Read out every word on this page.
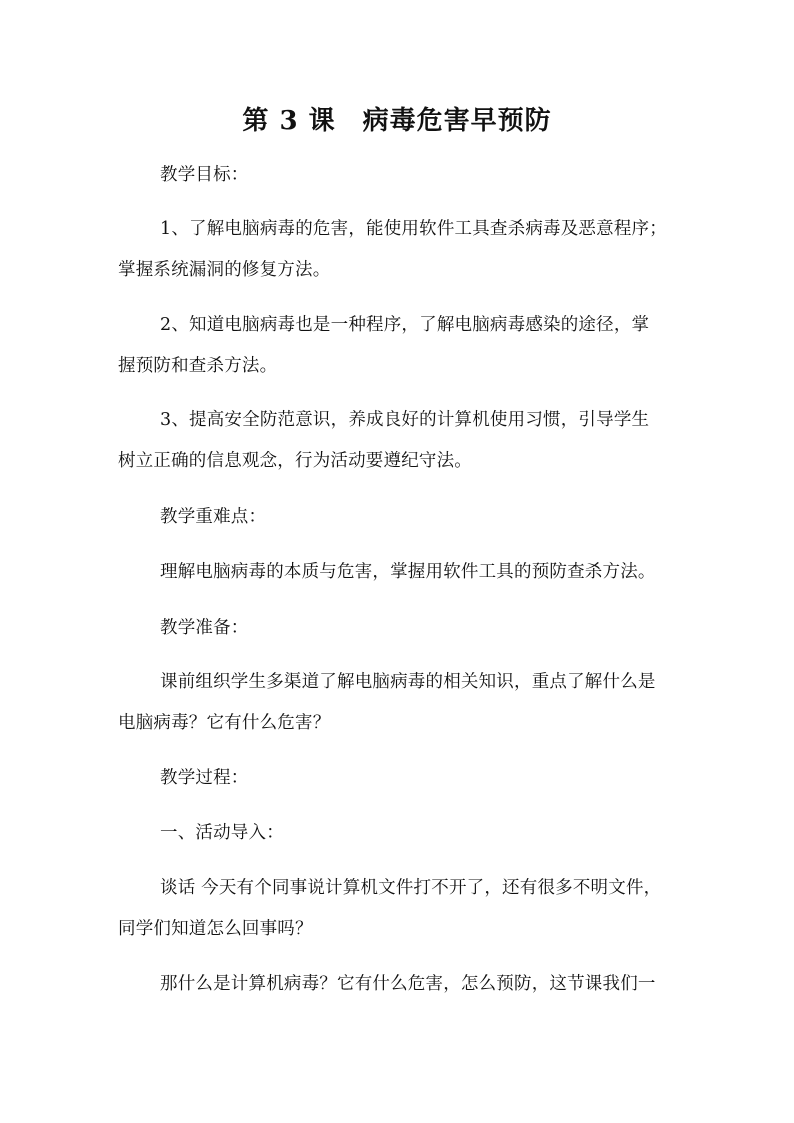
第 3 课　病毒危害早预防
教学目标：
1、了解电脑病毒的危害，能使用软件工具查杀病毒及恶意程序；
掌握系统漏洞的修复方法。
2、知道电脑病毒也是一种程序，了解电脑病毒感染的途径，掌
握预防和查杀方法。
3、提高安全防范意识，养成良好的计算机使用习惯，引导学生
树立正确的信息观念，行为活动要遵纪守法。
教学重难点：
理解电脑病毒的本质与危害，掌握用软件工具的预防查杀方法。
教学准备：
课前组织学生多渠道了解电脑病毒的相关知识，重点了解什么是
电脑病毒？它有什么危害？
教学过程：
一、活动导入：
谈话 今天有个同事说计算机文件打不开了，还有很多不明文件，
同学们知道怎么回事吗？
那什么是计算机病毒？它有什么危害，怎么预防，这节课我们一
